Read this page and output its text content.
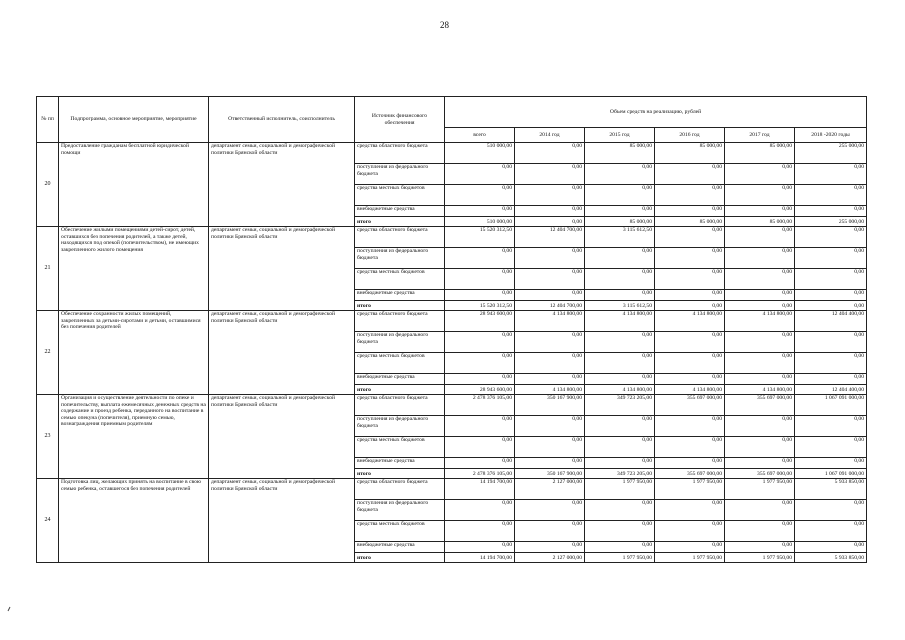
28
№ пп	Подпрограмма, основное мероприятие, мероприятие	Ответственный исполнитель, соисполнитель	Источник финансового обеспечения	Объем средств на реализацию, рублей					
				всего	2014 год	2015 год	2016 год	2017 год	2018 -2020 годы
20	Предоставление гражданам бесплатной юридической помощи	департамент семьи, социальной и демографической политики Брянской области	средства областного бюджета	510 000,00	0,00	85 000,00	85 000,00	85 000,00	255 000,00
			поступления из федерального бюджета	0,00	0,00	0,00	0,00	0,00	0,00
			средства местных бюджетов	0,00	0,00	0,00	0,00	0,00	0,00
			внебюджетные средства	0,00	0,00	0,00	0,00	0,00	0,00
			итого	510 000,00	0,00	85 000,00	85 000,00	85 000,00	255 000,00
21	Обеспечение жилыми помещениями детей-сирот, детей, оставшихся без попечения родителей, а также детей, находящихся под опекой (попечительством), не имеющих закрепленного жилого помещения	департамент семьи, социальной и демографической политики Брянской области	средства областного бюджета	15 520 312,50	12 404 700,00	3 115 612,50	0,00	0,00	0,00
			поступления из федерального бюджета	0,00	0,00	0,00	0,00	0,00	0,00
			средства местных бюджетов	0,00	0,00	0,00	0,00	0,00	0,00
			внебюджетные средства	0,00	0,00	0,00	0,00	0,00	0,00
			итого	15 520 312,50	12 404 700,00	3 115 612,50	0,00	0,00	0,00
22	Обеспечение сохранности жилых помещений, закрепленных за детьми-сиротами и детьми, оставшимися без попечения родителей	департамент семьи, социальной и демографической политики Брянской области	средства областного бюджета	28 943 600,00	4 134 800,00	4 134 800,00	4 134 800,00	4 134 800,00	12 404 400,00
			поступления из федерального бюджета	0,00	0,00	0,00	0,00	0,00	0,00
			средства местных бюджетов	0,00	0,00	0,00	0,00	0,00	0,00
			внебюджетные средства	0,00	0,00	0,00	0,00	0,00	0,00
			итого	28 943 600,00	4 134 800,00	4 134 800,00	4 134 800,00	4 134 800,00	12 404 400,00
23	Организация и осуществление деятельности по опеке и попечительству, выплата ежемесячных денежных средств на содержание и проезд ребенка, переданного на воспитание в семью опекуна (попечителя), приемную семью, вознаграждения приемным родителям	департамент семьи, социальной и демографической политики Брянской области	средства областного бюджета	2 478 376 105,00	350 167 900,00	349 723 205,00	355 697 000,00	355 697 000,00	1 067 091 000,00
			поступления из федерального бюджета	0,00	0,00	0,00	0,00	0,00	0,00
			средства местных бюджетов	0,00	0,00	0,00	0,00	0,00	0,00
			внебюджетные средства	0,00	0,00	0,00	0,00	0,00	0,00
			итого	2 478 376 105,00	350 167 900,00	349 723 205,00	355 697 000,00	355 697 000,00	1 067 091 000,00
24	Подготовка лиц, желающих принять на воспитание в свою семью ребенка, оставшегося без попечения родителей	департамент семьи, социальной и демографической политики Брянской области	средства областного бюджета	14 194 700,00	2 127 000,00	1 977 950,00	1 977 950,00	1 977 950,00	5 933 850,00
			поступления из федерального бюджета	0,00	0,00	0,00	0,00	0,00	0,00
			средства местных бюджетов	0,00	0,00	0,00	0,00	0,00	0,00
			внебюджетные средства	0,00	0,00	0,00	0,00	0,00	0,00
			итого	14 194 700,00	2 127 000,00	1 977 950,00	1 977 950,00	1 977 950,00	5 933 850,00
